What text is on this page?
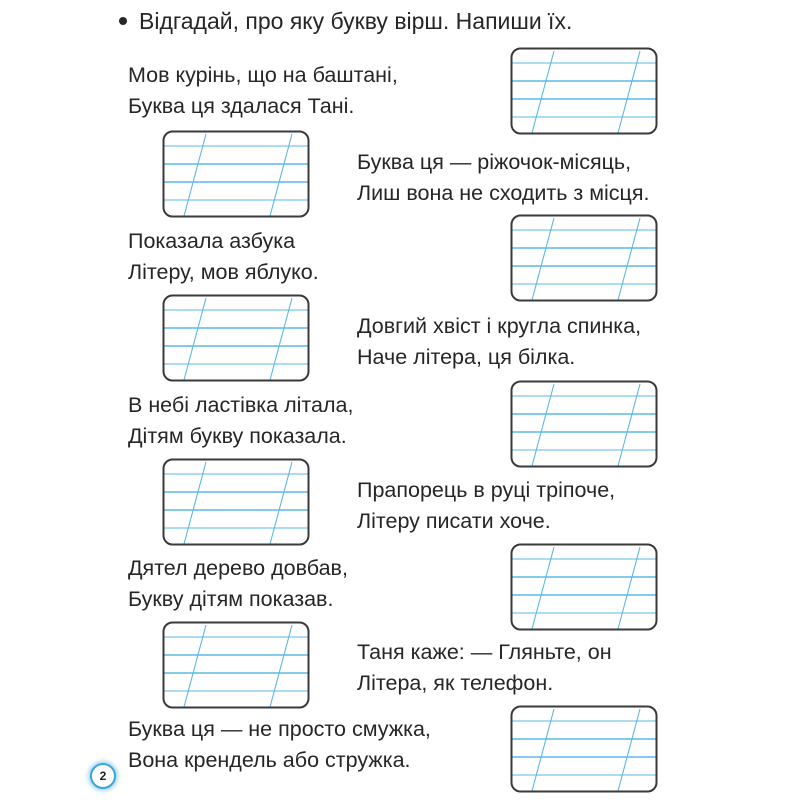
Відгадай, про яку букву вірш. Напиши їх.
Мов курінь, що на баштані,
Буква ця здалася Тані.
Буква ця — ріжочок-місяць,
Лиш вона не сходить з місця.
Показала азбука
Літеру, мов яблуко.
Довгий хвіст і кругла спинка,
Наче літера, ця білка.
В небі ластівка літала,
Дітям букву показала.
Прапорець в руці тріпоче,
Літеру писати хоче.
Дятел дерево довбав,
Букву дітям показав.
Таня каже: — Гляньте, он
Літера, як телефон.
Буква ця — не просто смужка,
Вона крендель або стружка.
2
